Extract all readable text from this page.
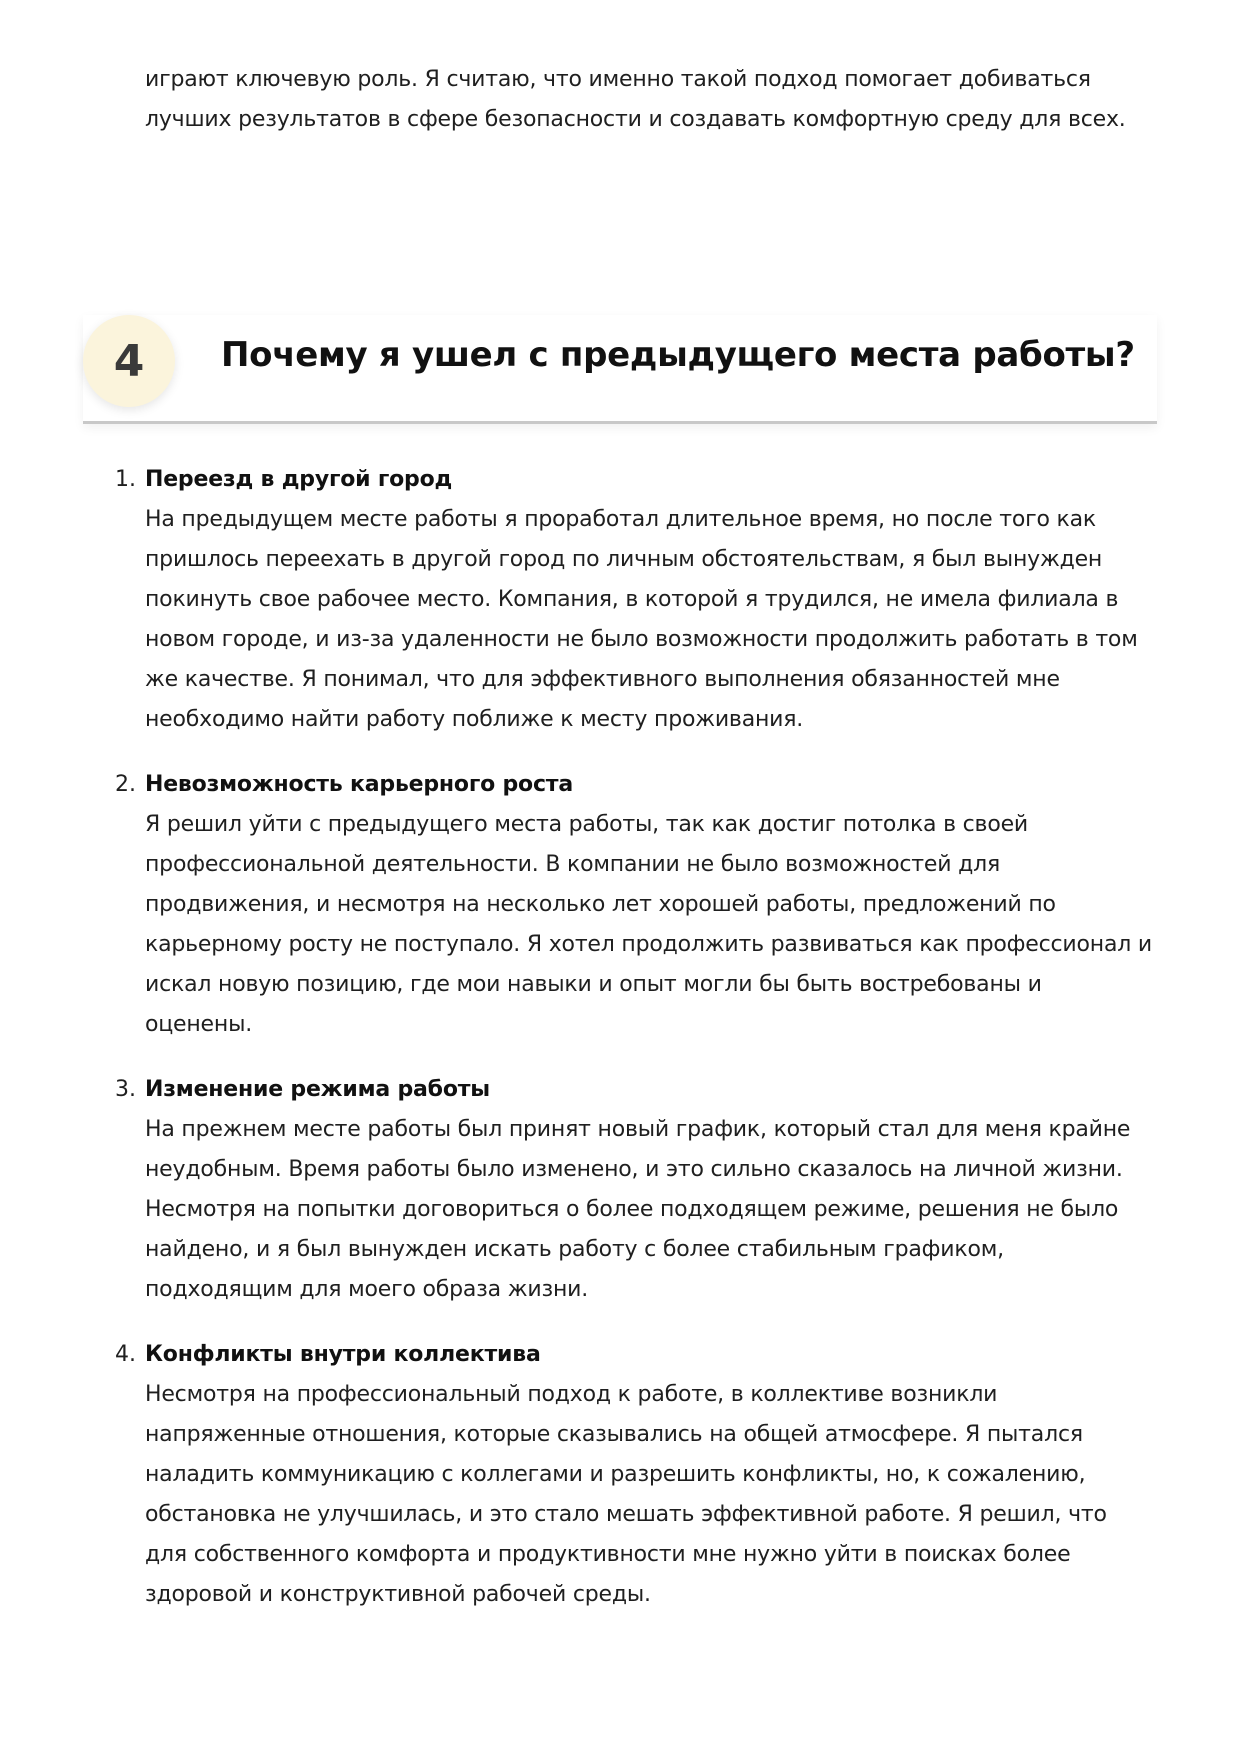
играют ключевую роль. Я считаю, что именно такой подход помогает добиваться лучших результатов в сфере безопасности и создавать комфортную среду для всех.

4	Почему я ушел с предыдущего места работы?
1. Переезд в другой город
На предыдущем месте работы я проработал длительное время, но после того как пришлось переехать в другой город по личным обстоятельствам, я был вынужден покинуть свое рабочее место. Компания, в которой я трудился, не имела филиала в новом городе, и из-за удаленности не было возможности продолжить работать в том же качестве. Я понимал, что для эффективного выполнения обязанностей мне необходимо найти работу поближе к месту проживания.
2. Невозможность карьерного роста
Я решил уйти с предыдущего места работы, так как достиг потолка в своей профессиональной деятельности. В компании не было возможностей для продвижения, и несмотря на несколько лет хорошей работы, предложений по карьерному росту не поступало. Я хотел продолжить развиваться как профессионал и искал новую позицию, где мои навыки и опыт могли бы быть востребованы и оценены.
3. Изменение режима работы
На прежнем месте работы был принят новый график, который стал для меня крайне неудобным. Время работы было изменено, и это сильно сказалось на личной жизни. Несмотря на попытки договориться о более подходящем режиме, решения не было найдено, и я был вынужден искать работу с более стабильным графиком, подходящим для моего образа жизни.
4. Конфликты внутри коллектива
Несмотря на профессиональный подход к работе, в коллективе возникли напряженные отношения, которые сказывались на общей атмосфере. Я пытался наладить коммуникацию с коллегами и разрешить конфликты, но, к сожалению, обстановка не улучшилась, и это стало мешать эффективной работе. Я решил, что для собственного комфорта и продуктивности мне нужно уйти в поисках более здоровой и конструктивной рабочей среды.
